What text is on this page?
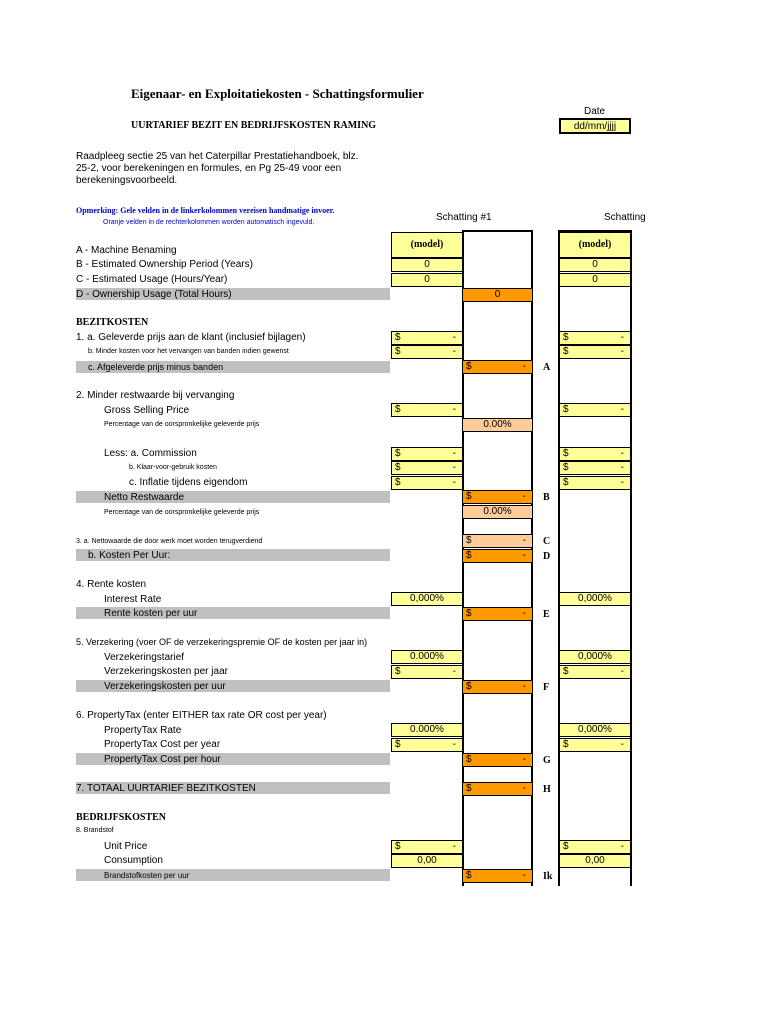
Eigenaar- en Exploitatiekosten - Schattingsformulier
Date
dd/mm/jjjj
UURTARIEF BEZIT EN BEDRIJFSKOSTEN RAMING
Raadpleeg sectie 25 van het Caterpillar Prestatiehandboek, blz.
25-2, voor berekeningen en formules, en Pg 25-49 voor een
berekeningsvoorbeeld.
Opmerking: Gele velden in de linkerkolommen vereisen handmatige invoer.
Oranje velden in de rechterkolommen worden automatisch ingevuld.	Schatting #1	Schatting
(model)	(model)
A - Machine Benaming
B - Estimated Ownership Period (Years)	0	0
C - Estimated Usage (Hours/Year)	0	0
D - Ownership Usage (Total Hours)	0
BEZITKOSTEN
1. a. Geleverde prijs aan de klant (inclusief bijlagen)	$	-	$	-
b. Minder kosten voor het vervangen van banden indien gewenst	$	-	$	-
c. Afgeleverde prijs minus banden	$	- A
2. Minder restwaarde bij vervanging
Gross Selling Price	$	-	$	-
Percentage van de oorspronkelijke geleverde prijs	0.00%
Less: a. Commission	$	-	$	-
b. Klaar-voor-gebruik kosten	$	-	$	-
c. Inflatie tijdens eigendom	$	-	$	-
Netto Restwaarde	$	- B
Percentage van de oorspronkelijke geleverde prijs	0.00%
3. a. Nettowaarde die door werk moet worden terugverdiend	$	- C
b. Kosten Per Uur:	$	- D
4. Rente kosten
Interest Rate	0,000%	0,000%
Rente kosten per uur	$	- E
5. Verzekering (voer OF de verzekeringspremie OF de kosten per jaar in)
Verzekeringstarief	0.000%	0,000%
Verzekeringskosten per jaar	$	-	$	-
Verzekeringskosten per uur	$	- F
6. PropertyTax (enter EITHER tax rate OR cost per year)
PropertyTax Rate	0.000%	0,000%
PropertyTax Cost per year	$	-	$	-
PropertyTax Cost per hour	$	- G
7. TOTAAL UURTARIEF BEZITKOSTEN	$	- H
BEDRIJFSKOSTEN
8. Brandstof
Unit Price	$	-	$	-
Consumption	0,00	0,00
Brandstofkosten per uur	$	- Ik
